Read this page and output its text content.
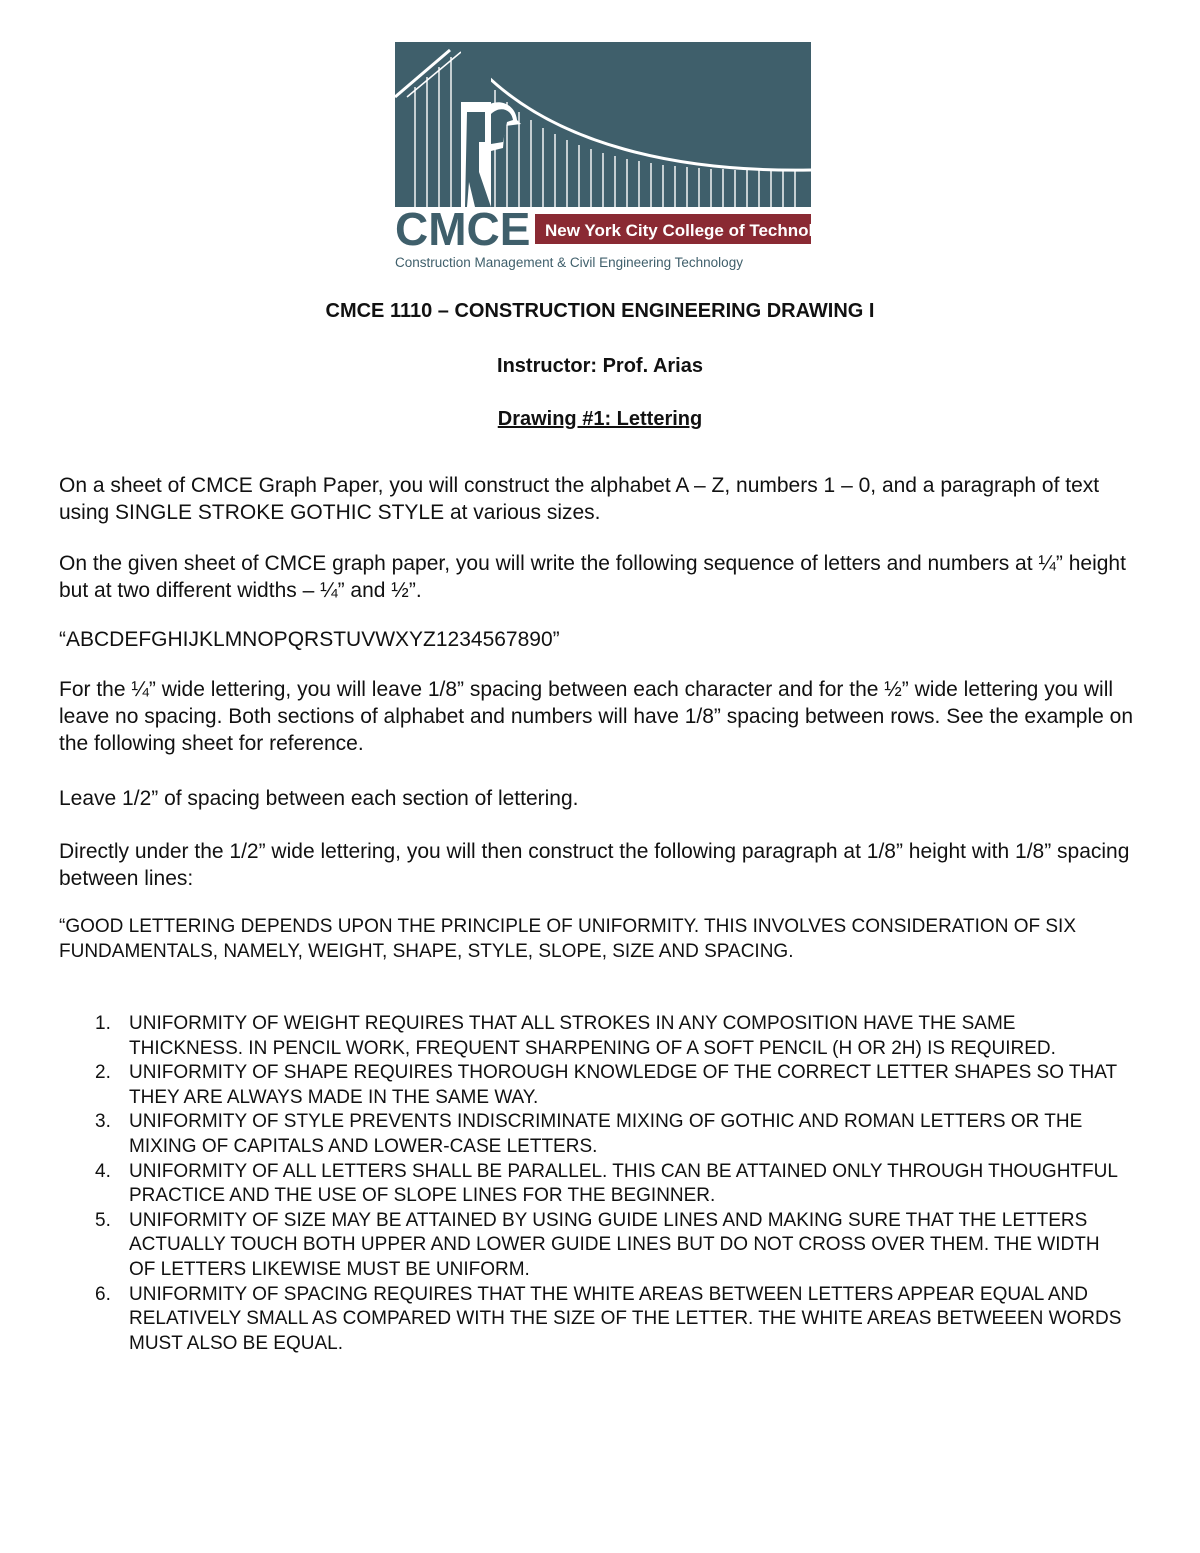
CMCE New York City College of Technology
Construction Management & Civil Engineering Technology
CMCE 1110 – CONSTRUCTION ENGINEERING DRAWING I
Instructor: Prof. Arias
Drawing #1: Lettering

On a sheet of CMCE Graph Paper, you will construct the alphabet A – Z, numbers 1 – 0, and a paragraph of text using SINGLE STROKE GOTHIC STYLE at various sizes.

On the given sheet of CMCE graph paper, you will write the following sequence of letters and numbers at ¼” height but at two different widths – ¼” and ½”.

“ABCDEFGHIJKLMNOPQRSTUVWXYZ1234567890”

For the ¼” wide lettering, you will leave 1/8” spacing between each character and for the ½” wide lettering you will leave no spacing. Both sections of alphabet and numbers will have 1/8” spacing between rows. See the example on the following sheet for reference.

Leave 1/2” of spacing between each section of lettering.

Directly under the 1/2” wide lettering, you will then construct the following paragraph at 1/8” height with 1/8” spacing between lines:

“GOOD LETTERING DEPENDS UPON THE PRINCIPLE OF UNIFORMITY. THIS INVOLVES CONSIDERATION OF SIX FUNDAMENTALS, NAMELY, WEIGHT, SHAPE, STYLE, SLOPE, SIZE AND SPACING.

1. UNIFORMITY OF WEIGHT REQUIRES THAT ALL STROKES IN ANY COMPOSITION HAVE THE SAME THICKNESS. IN PENCIL WORK, FREQUENT SHARPENING OF A SOFT PENCIL (H OR 2H) IS REQUIRED.
2. UNIFORMITY OF SHAPE REQUIRES THOROUGH KNOWLEDGE OF THE CORRECT LETTER SHAPES SO THAT THEY ARE ALWAYS MADE IN THE SAME WAY.
3. UNIFORMITY OF STYLE PREVENTS INDISCRIMINATE MIXING OF GOTHIC AND ROMAN LETTERS OR THE MIXING OF CAPITALS AND LOWER-CASE LETTERS.
4. UNIFORMITY OF ALL LETTERS SHALL BE PARALLEL. THIS CAN BE ATTAINED ONLY THROUGH THOUGHTFUL PRACTICE AND THE USE OF SLOPE LINES FOR THE BEGINNER.
5. UNIFORMITY OF SIZE MAY BE ATTAINED BY USING GUIDE LINES AND MAKING SURE THAT THE LETTERS ACTUALLY TOUCH BOTH UPPER AND LOWER GUIDE LINES BUT DO NOT CROSS OVER THEM. THE WIDTH OF LETTERS LIKEWISE MUST BE UNIFORM.
6. UNIFORMITY OF SPACING REQUIRES THAT THE WHITE AREAS BETWEEN LETTERS APPEAR EQUAL AND RELATIVELY SMALL AS COMPARED WITH THE SIZE OF THE LETTER. THE WHITE AREAS BETWEEEN WORDS MUST ALSO BE EQUAL.
